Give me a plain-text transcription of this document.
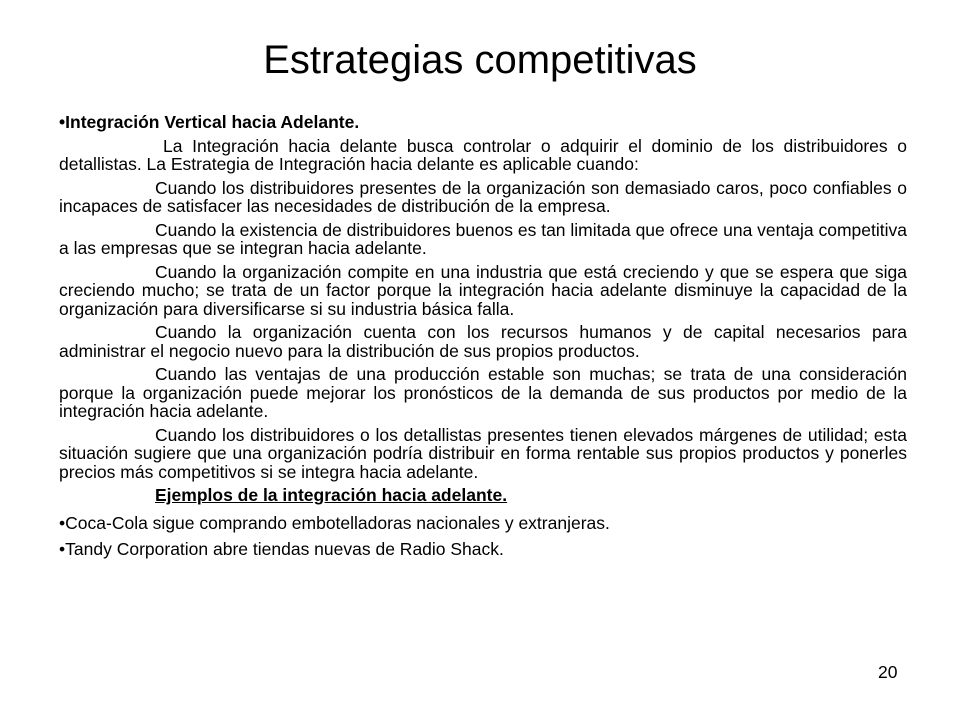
Estrategias competitivas

•Integración Vertical hacia Adelante.

La Integración hacia delante busca controlar o adquirir el dominio de los distribuidores o detallistas. La Estrategia de Integración hacia delante es aplicable cuando:

Cuando los distribuidores presentes de la organización son demasiado caros, poco confiables o incapaces de satisfacer las necesidades de distribución de la empresa.

Cuando la existencia de distribuidores buenos es tan limitada que ofrece una ventaja competitiva a las empresas que se integran hacia adelante.

Cuando la organización compite en una industria que está creciendo y que se espera que siga creciendo mucho; se trata de un factor porque la integración hacia adelante disminuye la capacidad de la organización para diversificarse si su industria básica falla.

Cuando la organización cuenta con los recursos humanos y de capital necesarios para administrar el negocio nuevo para la distribución de sus propios productos.

Cuando las ventajas de una producción estable son muchas; se trata de una consideración porque la organización puede mejorar los pronósticos de la demanda de sus productos por medio de la integración hacia adelante.

Cuando los distribuidores o los detallistas presentes tienen elevados márgenes de utilidad; esta situación sugiere que una organización podría distribuir en forma rentable sus propios productos y ponerles precios más competitivos si se integra hacia adelante.

Ejemplos de la integración hacia adelante.

•Coca-Cola sigue comprando embotelladoras nacionales y extranjeras.

•Tandy Corporation abre tiendas nuevas de Radio Shack.

20
